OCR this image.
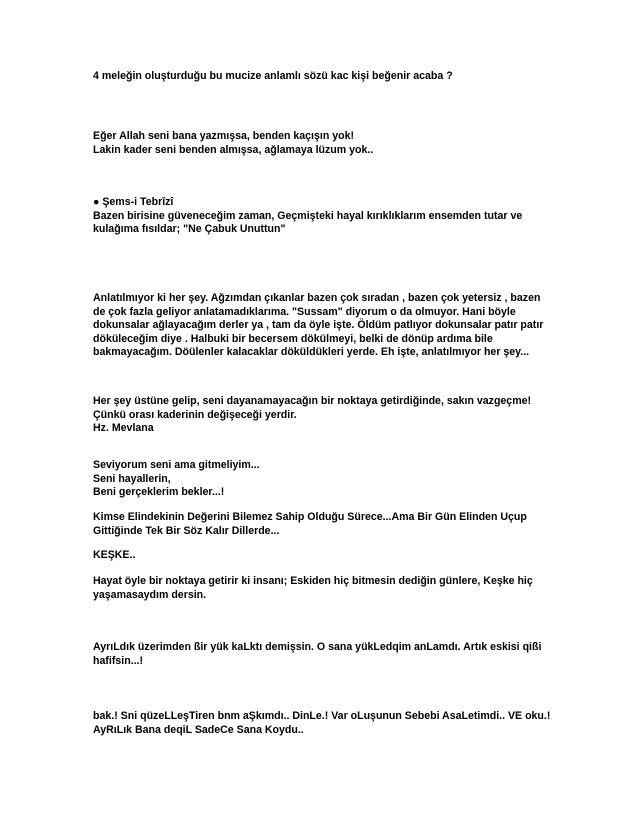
4 meleğin oluşturduğu bu mucize anlamlı sözü kac kişi beğenir acaba ?
Eğer Allah seni bana yazmışsa, benden kaçışın yok!
Lakin kader seni benden almışsa, ağlamaya lüzum yok..
● Şems-i Tebrîzî
Bazen birisine güveneceğim zaman, Geçmişteki hayal kırıklıklarım ensemden tutar ve
kulağıma fısıldar; "Ne Çabuk Unuttun"
Anlatılmıyor ki her şey. Ağzımdan çıkanlar bazen çok sıradan , bazen çok yetersiz , bazen
de çok fazla geliyor anlatamadıklarıma. "Sussam" diyorum o da olmuyor. Hani böyle
dokunsalar ağlayacağım derler ya , tam da öyle işte. Öldüm patlıyor dokunsalar patır patır
döküleceğim diye . Halbuki bir becersem dökülmeyi, belki de dönüp ardıma bile
bakmayacağım. Döülenler kalacaklar döküldükleri yerde. Eh işte, anlatılmıyor her şey...
Her şey üstüne gelip, seni dayanamayacağın bir noktaya getirdiğinde, sakın vazgeçme!
Çünkü orası kaderinin değişeceği yerdir.
Hz. Mevlana
Seviyorum seni ama gitmeliyim...
Seni hayallerin,
Beni gerçeklerim bekler...!
Kimse Elindekinin Değerini Bilemez Sahip Olduğu Sürece...Ama Bir Gün Elinden Uçup
Gittiğinde Tek Bir Söz Kalır Dillerde...
KEŞKE..
Hayat öyle bir noktaya getirir ki insanı; Eskiden hiç bitmesin dediğin günlere, Keşke hiç
yaşamasaydım dersin.
AyrıLdık üzerimden ßir yük kaLktı demişsin. O sana yükLedqim anLamdı. Artık eskisi qißi
hafifsin...!
bak.! Sni qüzeLLeşTiren bnm aŞkımdı.. DinLe.! Var oLuşunun Sebebi AsaLetimdi.. VE oku.!
AyRıLık Bana deqiL SadeCe Sana Koydu..
